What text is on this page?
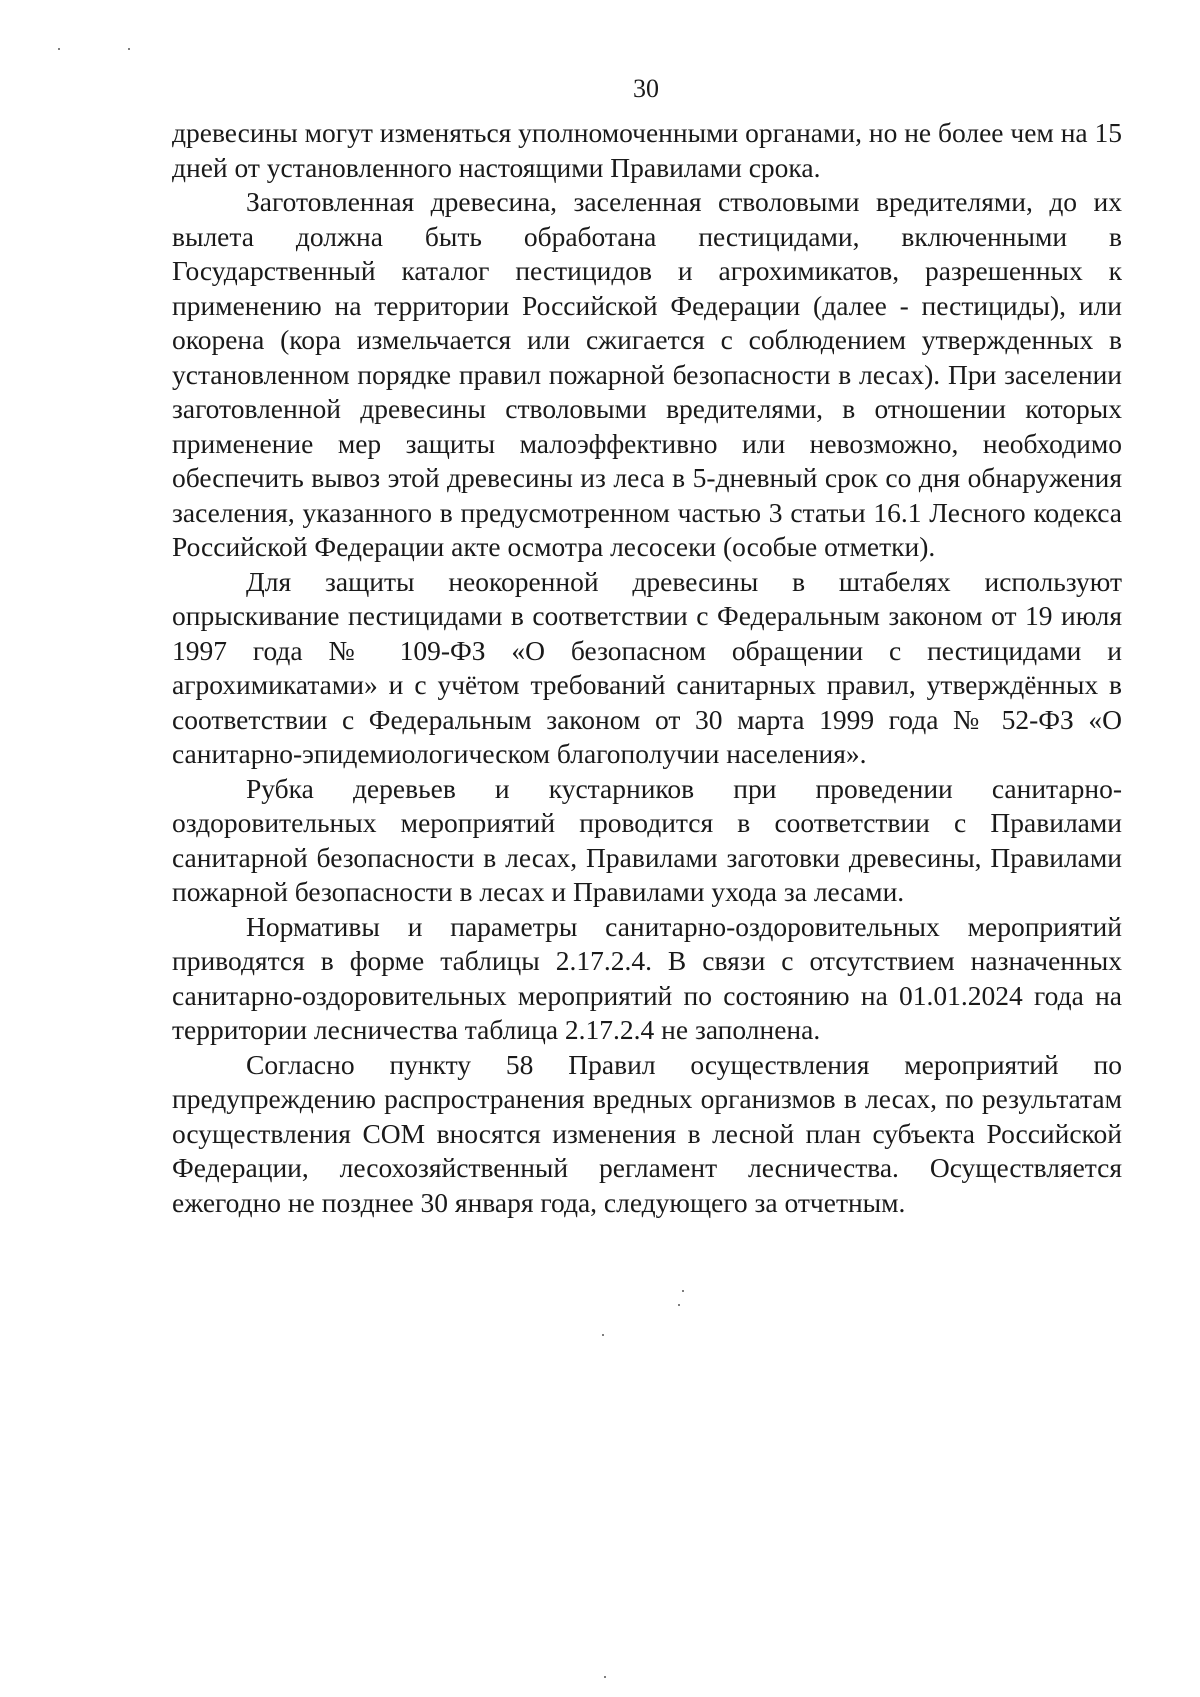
30

древесины могут изменяться уполномоченными органами, но не более чем на 15 дней от установленного настоящими Правилами срока.

Заготовленная древесина, заселенная стволовыми вредителями, до их вылета должна быть обработана пестицидами, включенными в Государственный каталог пестицидов и агрохимикатов, разрешенных к применению на территории Российской Федерации (далее - пестициды), или окорена (кора измельчается или сжигается с соблюдением утвержденных в установленном порядке правил пожарной безопасности в лесах). При заселении заготовленной древесины стволовыми вредителями, в отношении которых применение мер защиты малоэффективно или невозможно, необходимо обеспечить вывоз этой древесины из леса в 5-дневный срок со дня обнаружения заселения, указанного в предусмотренном частью 3 статьи 16.1 Лесного кодекса Российской Федерации акте осмотра лесосеки (особые отметки).

Для защиты неокоренной древесины в штабелях используют опрыскивание пестицидами в соответствии с Федеральным законом от 19 июля 1997 года № 109-ФЗ «О безопасном обращении с пестицидами и агрохимикатами» и с учётом требований санитарных правил, утверждённых в соответствии с Федеральным законом от 30 марта 1999 года № 52-ФЗ «О санитарно-эпидемиологическом благополучии населения».

Рубка деревьев и кустарников при проведении санитарно-оздоровительных мероприятий проводится в соответствии с Правилами санитарной безопасности в лесах, Правилами заготовки древесины, Правилами пожарной безопасности в лесах и Правилами ухода за лесами.

Нормативы и параметры санитарно-оздоровительных мероприятий приводятся в форме таблицы 2.17.2.4. В связи с отсутствием назначенных санитарно-оздоровительных мероприятий по состоянию на 01.01.2024 года на территории лесничества таблица 2.17.2.4 не заполнена.

Согласно пункту 58 Правил осуществления мероприятий по предупреждению распространения вредных организмов в лесах, по результатам осуществления СОМ вносятся изменения в лесной план субъекта Российской Федерации, лесохозяйственный регламент лесничества. Осуществляется ежегодно не позднее 30 января года, следующего за отчетным.
